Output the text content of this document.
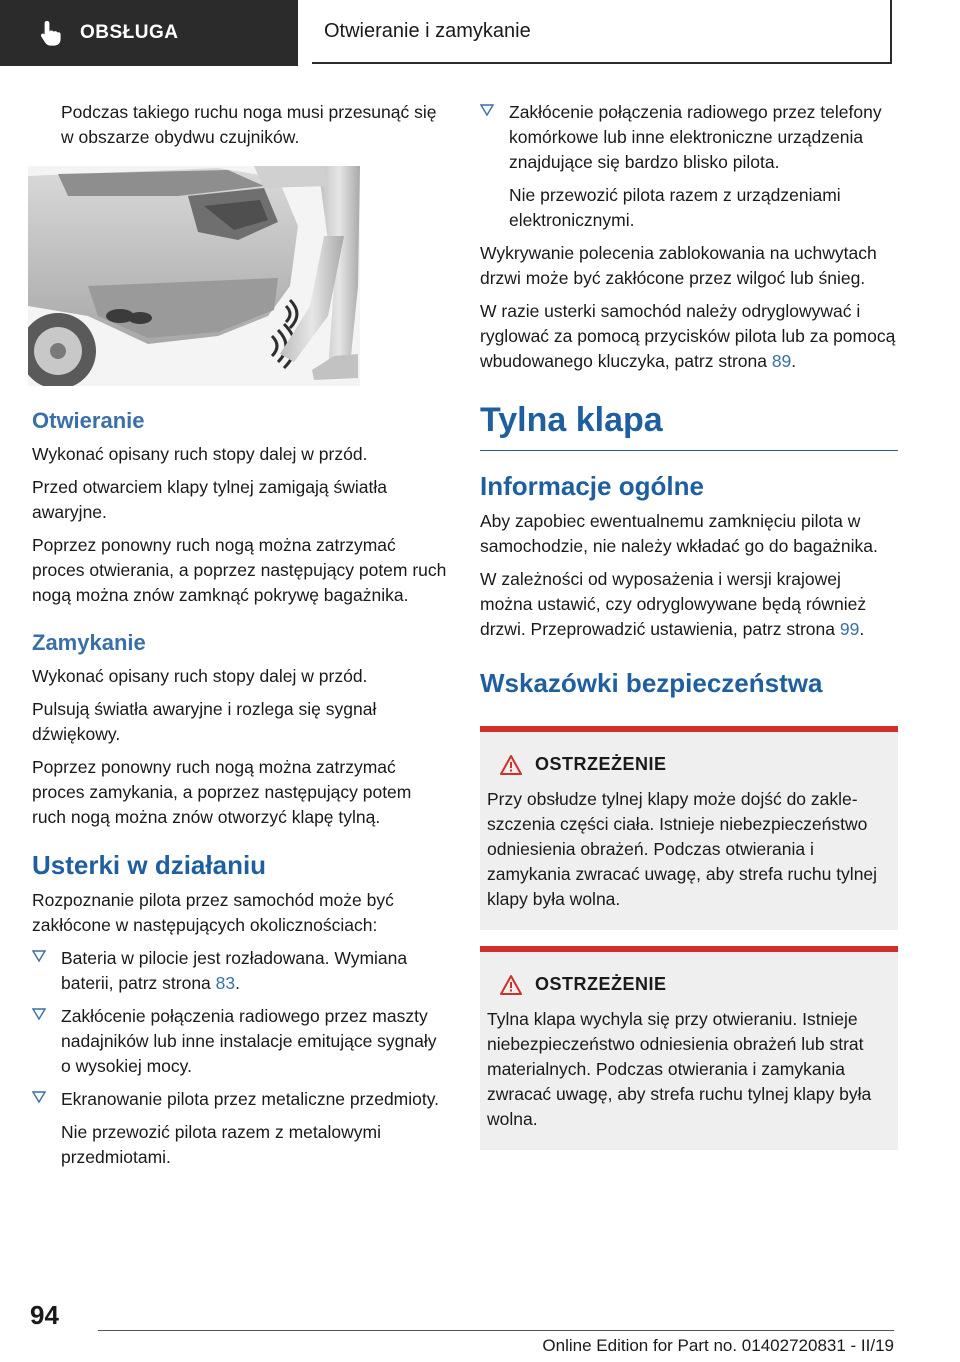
OBSŁUGA	Otwieranie i zamykanie

Podczas takiego ruchu noga musi przesunąć się w obszarze obydwu czujników.

Otwieranie

Wykonać opisany ruch stopy dalej w przód.

Przed otwarciem klapy tylnej zamigają światła awaryjne.

Poprzez ponowny ruch nogą można zatrzymać proces otwierania, a poprzez następujący potem ruch nogą można znów zamknąć pokrywę bagażnika.

Zamykanie

Wykonać opisany ruch stopy dalej w przód.

Pulsują światła awaryjne i rozlega się sygnał dźwiękowy.

Poprzez ponowny ruch nogą można zatrzymać proces zamykania, a poprzez następujący potem ruch nogą można znów otworzyć klapę tylną.

Usterki w działaniu

Rozpoznanie pilota przez samochód może być zakłócone w następujących okolicznościach:

Bateria w pilocie jest rozładowana. Wymiana baterii, patrz strona 83.
Zakłócenie połączenia radiowego przez maszty nadajników lub inne instalacje emitujące sygnały o wysokiej mocy.
Ekranowanie pilota przez metaliczne przedmioty.

Nie przewozić pilota razem z metalowymi przedmiotami.

Zakłócenie połączenia radiowego przez telefony komórkowe lub inne elektroniczne urządzenia znajdujące się bardzo blisko pilota.

Nie przewozić pilota razem z urządzeniami elektronicznymi.

Wykrywanie polecenia zablokowania na uchwytach drzwi może być zakłócone przez wilgoć lub śnieg.

W razie usterki samochód należy odryglowywać i ryglować za pomocą przycisków pilota lub za pomocą wbudowanego kluczyka, patrz strona 89.

Tylna klapa
Informacje ogólne

Aby zapobiec ewentualnemu zamknięciu pilota w samochodzie, nie należy wkładać go do bagażnika.

W zależności od wyposażenia i wersji krajowej można ustawić, czy odryglowywane będą również drzwi. Przeprowadzić ustawienia, patrz strona 99.

Wskazówki bezpieczeństwa
OSTRZEŻENIE

Przy obsłudze tylnej klapy może dojść do zakleszczenia części ciała. Istnieje niebezpieczeństwo odniesienia obrażeń. Podczas otwierania i zamykania zwracać uwagę, aby strefa ruchu tylnej klapy była wolna.

OSTRZEŻENIE

Tylna klapa wychyla się przy otwieraniu. Istnieje niebezpieczeństwo odniesienia obrażeń lub strat materialnych. Podczas otwierania i zamykania zwracać uwagę, aby strefa ruchu tylnej klapy była wolna.

94
Online Edition for Part no. 01402720831 - II/19
